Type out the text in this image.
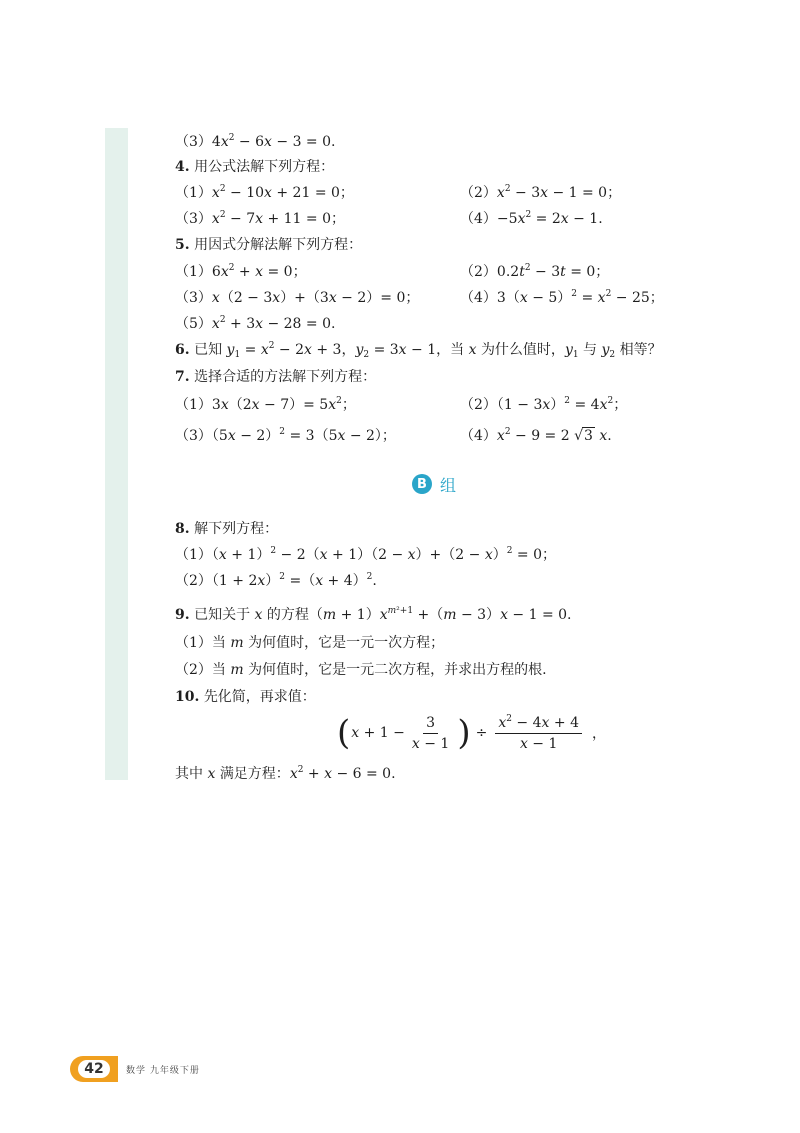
$(3)4x^2 - 6x - 3 = 0$.
4. 用公式法解下列方程：
$(1)x^2 - 10x + 21 = 0$；	$(2)x^2 - 3x - 1 = 0$；
$(3)x^2 - 7x + 11 = 0$；	$(4)-5x^2 = 2x - 1$.
5. 用因式分解法解下列方程：
$(1)6x^2 + x = 0$；	$(2)0.2t^2 - 3t = 0$；
（3）x（2 − 3x）+（3x − 2）= 0；	$(4)3(x - 5)^2 = x^2 - 25$；
$(5)x^2 + 3x - 28 = 0$.
6. 已知 $y_1 = x^2 - 2x + 3$，$y_2 = 3x - 1$，当 x 为什么值时，$y_1$ 与 $y_2$ 相等？
7. 选择合适的方法解下列方程：
$(1)3x(2x - 7)= 5x^2$；	$(2)(1 - 3x)^2 = 4x^2$；
$(3)(5x - 2)^2 = 3(5x - 2)$；	$(4)x^2 - 9 = 2$ √3 x.
B 组
8. 解下列方程：
$(1)(x + 1)^2 - 2(x + 1)(2 - x)+(2 - x)^2 = 0$；
$(2)(1 + 2x)^2 =(x + 4)^2$.
9. 已知关于 x 的方程$(m + 1)x^{m^2+1} +(m - 3)x - 1 = 0$.
（1）当 m 为何值时，它是一元一次方程；
（2）当 m 为何值时，它是一元二次方程，并求出方程的根.
10. 先化简，再求值：
( $x + 1 - \frac{3}{x - 1}$ ) ÷ $\frac{x^2 - 4x + 4}{x - 1}$ ，
其中 x 满足方程：$x^2 + x - 6 = 0$.
42	数学 九年级下册
